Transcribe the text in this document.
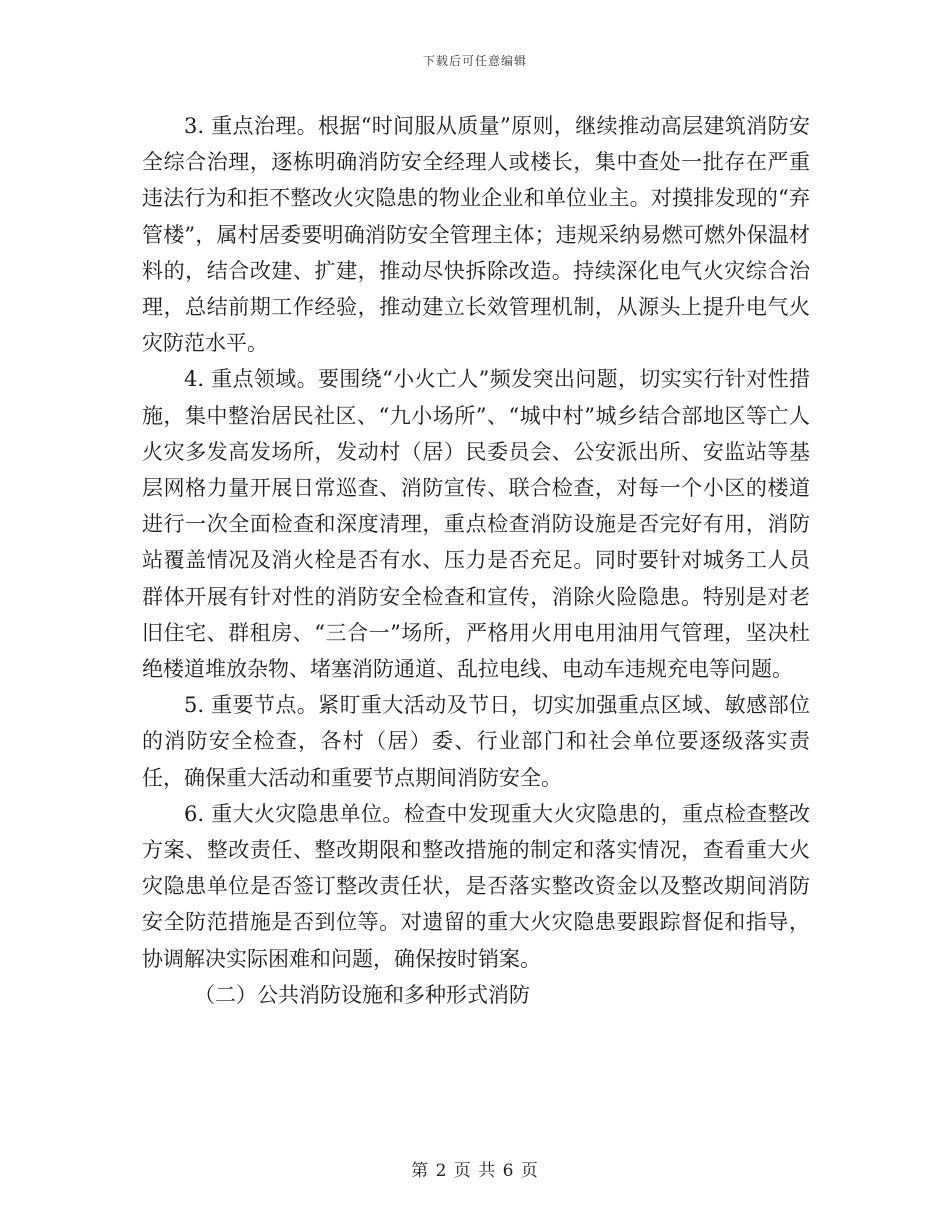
下载后可任意编辑

3. 重点治理。根据“时间服从质量”原则，继续推动高层建筑消防安全综合治理，逐栋明确消防安全经理人或楼长，集中查处一批存在严重违法行为和拒不整改火灾隐患的物业企业和单位业主。对摸排发现的“弃管楼”，属村居委要明确消防安全管理主体；违规采纳易燃可燃外保温材料的，结合改建、扩建，推动尽快拆除改造。持续深化电气火灾综合治理，总结前期工作经验，推动建立长效管理机制，从源头上提升电气火灾防范水平。

4. 重点领域。要围绕“小火亡人”频发突出问题，切实实行针对性措施，集中整治居民社区、“九小场所”、“城中村”城乡结合部地区等亡人火灾多发高发场所，发动村（居）民委员会、公安派出所、安监站等基层网格力量开展日常巡查、消防宣传、联合检查，对每一个小区的楼道进行一次全面检查和深度清理，重点检查消防设施是否完好有用，消防站覆盖情况及消火栓是否有水、压力是否充足。同时要针对城务工人员群体开展有针对性的消防安全检查和宣传，消除火险隐患。特别是对老旧住宅、群租房、“三合一”场所，严格用火用电用油用气管理，坚决杜绝楼道堆放杂物、堵塞消防通道、乱拉电线、电动车违规充电等问题。

5. 重要节点。紧盯重大活动及节日，切实加强重点区域、敏感部位的消防安全检查，各村（居）委、行业部门和社会单位要逐级落实责任，确保重大活动和重要节点期间消防安全。

6. 重大火灾隐患单位。检查中发现重大火灾隐患的，重点检查整改方案、整改责任、整改期限和整改措施的制定和落实情况，查看重大火灾隐患单位是否签订整改责任状，是否落实整改资金以及整改期间消防安全防范措施是否到位等。对遗留的重大火灾隐患要跟踪督促和指导，协调解决实际困难和问题，确保按时销案。

（二）公共消防设施和多种形式消防

第 2 页 共 6 页
